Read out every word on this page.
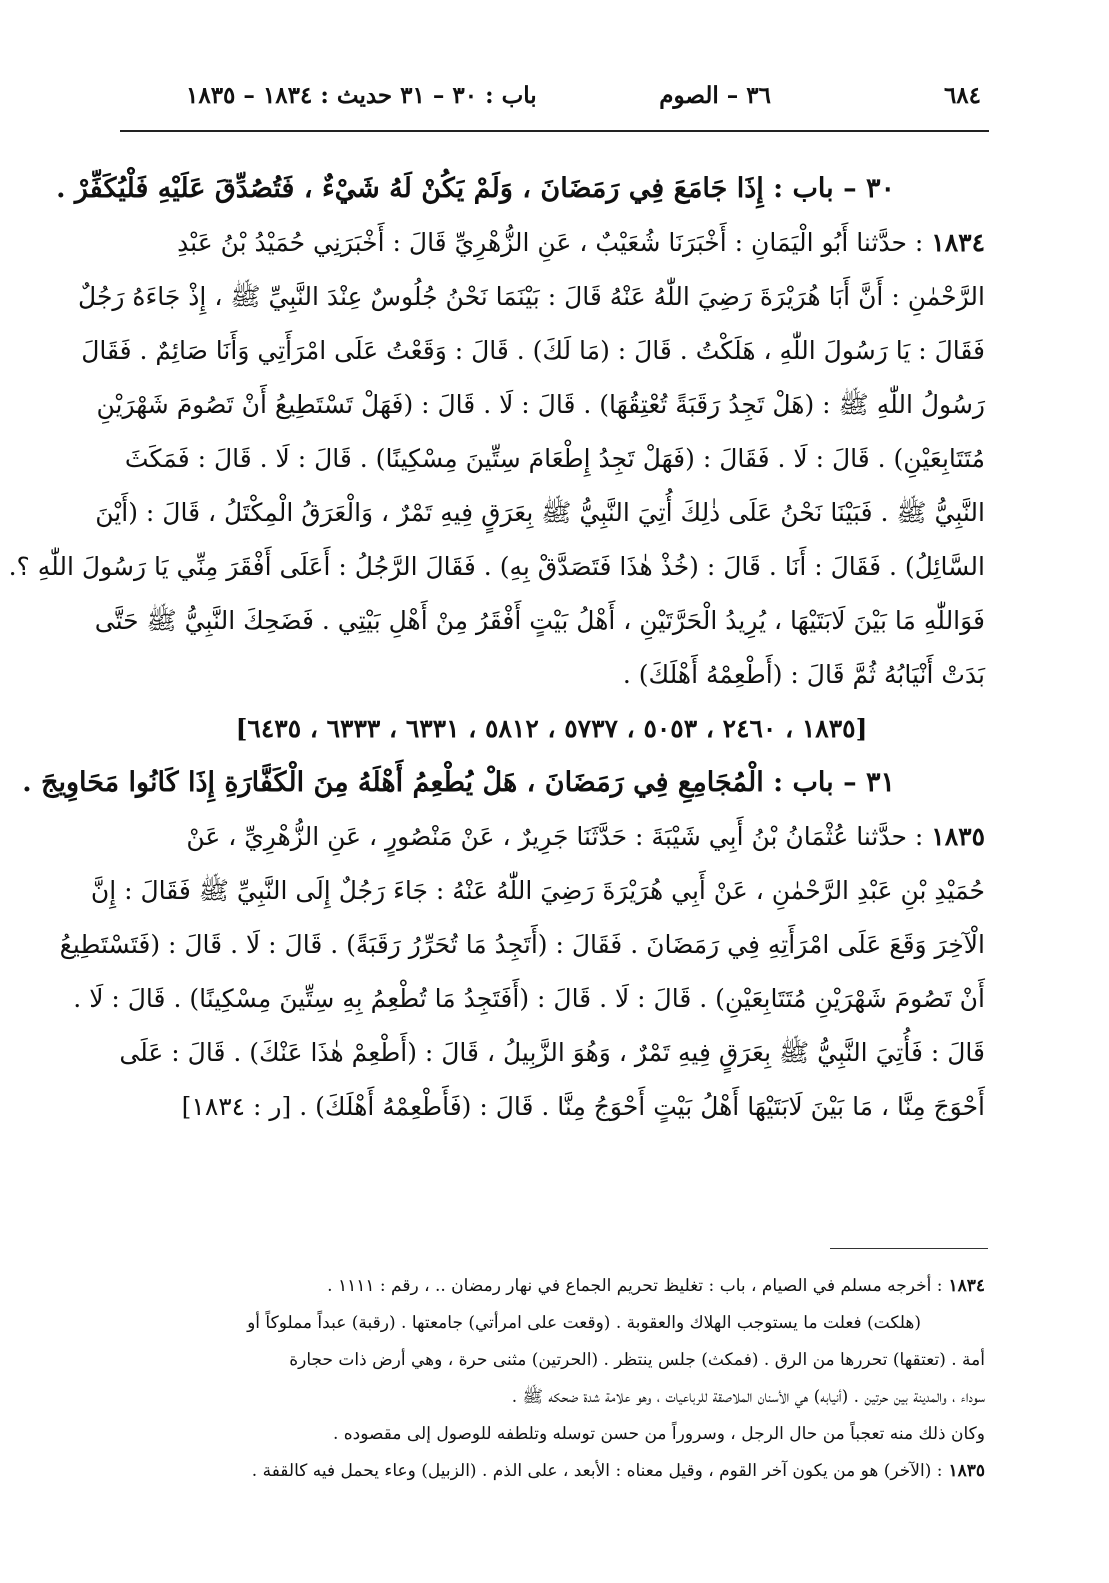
٦٨٤
٣٦ – الصوم
باب : ٣٠ – ٣١ حديث : ١٨٣٤ – ١٨٣٥
٣٠ – باب : إِذَا جَامَعَ فِي رَمَضَانَ ، وَلَمْ يَكُنْ لَهُ شَيْءٌ ، فَتُصُدِّقَ عَلَيْهِ فَلْيُكَفِّرْ .
١٨٣٤ : حدَّثنا أَبُو الْيَمَانِ : أَخْبَرَنَا شُعَيْبٌ ، عَنِ الزُّهْرِيِّ قَالَ : أَخْبَرَنِي حُمَيْدُ بْنُ عَبْدِ
الرَّحْمٰنِ : أَنَّ أَبَا هُرَيْرَةَ رَضِيَ اللّٰهُ عَنْهُ قَالَ : بَيْنَمَا نَحْنُ جُلُوسٌ عِنْدَ النَّبِيِّ ﷺ ، إِذْ جَاءَهُ رَجُلٌ
فَقَالَ : يَا رَسُولَ اللّٰهِ ، هَلَكْتُ . قَالَ : (مَا لَكَ) . قَالَ : وَقَعْتُ عَلَى امْرَأَتِي وَأَنَا صَائِمٌ . فَقَالَ
رَسُولُ اللّٰهِ ﷺ : (هَلْ تَجِدُ رَقَبَةً تُعْتِقُهَا) . قَالَ : لَا . قَالَ : (فَهَلْ تَسْتَطِيعُ أَنْ تَصُومَ شَهْرَيْنِ
مُتَتَابِعَيْنِ) . قَالَ : لَا . فَقَالَ : (فَهَلْ تَجِدُ إِطْعَامَ سِتِّينَ مِسْكِينًا) . قَالَ : لَا . قَالَ : فَمَكَثَ
النَّبِيُّ ﷺ . فَبَيْنَا نَحْنُ عَلَى ذٰلِكَ أُتِيَ النَّبِيُّ ﷺ بِعَرَقٍ فِيهِ تَمْرٌ ، وَالْعَرَقُ الْمِكْتَلُ ، قَالَ : (أَيْنَ
السَّائِلُ) . فَقَالَ : أَنَا . قَالَ : (خُذْ هٰذَا فَتَصَدَّقْ بِهِ) . فَقَالَ الرَّجُلُ : أَعَلَى أَفْقَرَ مِنِّي يَا رَسُولَ اللّٰهِ ؟.
فَوَاللّٰهِ مَا بَيْنَ لَابَتَيْهَا ، يُرِيدُ الْحَرَّتَيْنِ ، أَهْلُ بَيْتٍ أَفْقَرُ مِنْ أَهْلِ بَيْتِي . فَضَحِكَ النَّبِيُّ ﷺ حَتَّى
بَدَتْ أَنْيَابُهُ ثُمَّ قَالَ : (أَطْعِمْهُ أَهْلَكَ) .
[١٨٣٥ ، ٢٤٦٠ ، ٥٠٥٣ ، ٥٧٣٧ ، ٥٨١٢ ، ٦٣٣١ ، ٦٣٣٣ ، ٦٤٣٥]
٣١ – باب : الْمُجَامِعِ فِي رَمَضَانَ ، هَلْ يُطْعِمُ أَهْلَهُ مِنَ الْكَفَّارَةِ إِذَا كَانُوا مَحَاوِيجَ .
١٨٣٥ : حدَّثنا عُثْمَانُ بْنُ أَبِي شَيْبَةَ : حَدَّثَنَا جَرِيرٌ ، عَنْ مَنْصُورٍ ، عَنِ الزُّهْرِيِّ ، عَنْ
حُمَيْدِ بْنِ عَبْدِ الرَّحْمٰنِ ، عَنْ أَبِي هُرَيْرَةَ رَضِيَ اللّٰهُ عَنْهُ : جَاءَ رَجُلٌ إِلَى النَّبِيِّ ﷺ فَقَالَ : إِنَّ
الْآخِرَ وَقَعَ عَلَى امْرَأَتِهِ فِي رَمَضَانَ . فَقَالَ : (أَتَجِدُ مَا تُحَرِّرُ رَقَبَةً) . قَالَ : لَا . قَالَ : (فَتَسْتَطِيعُ
أَنْ تَصُومَ شَهْرَيْنِ مُتَتَابِعَيْنِ) . قَالَ : لَا . قَالَ : (أَفَتَجِدُ مَا تُطْعِمُ بِهِ سِتِّينَ مِسْكِينًا) . قَالَ : لَا .
قَالَ : فَأُتِيَ النَّبِيُّ ﷺ بِعَرَقٍ فِيهِ تَمْرٌ ، وَهُوَ الزَّبِيلُ ، قَالَ : (أَطْعِمْ هٰذَا عَنْكَ) . قَالَ : عَلَى
أَحْوَجَ مِنَّا ، مَا بَيْنَ لَابَتَيْهَا أَهْلُ بَيْتٍ أَحْوَجُ مِنَّا . قَالَ : (فَأَطْعِمْهُ أَهْلَكَ) . [ر : ١٨٣٤]
١٨٣٤: أخرجه مسلم في الصيام ، باب : تغليظ تحريم الجماع في نهار رمضان .. ، رقم : ١١١١ .
(هلكت) فعلت ما يستوجب الهلاك والعقوبة . (وقعت على امرأتي) جامعتها . (رقبة) عبداً مملوكاً أو
أمة . (تعتقها) تحررها من الرق . (فمكث) جلس ينتظر . (الحرتين) مثنى حرة ، وهي أرض ذات حجارة
سوداء ، والمدينة بين حرتين . (أنيابه) هي الأسنان الملاصقة للرباعيات ، وهو علامة شدة ضحكه ﷺ .
وكان ذلك منه تعجباً من حال الرجل ، وسروراً من حسن توسله وتلطفه للوصول إلى مقصوده .
١٨٣٥: (الآخر) هو من يكون آخر القوم ، وقيل معناه : الأبعد ، على الذم . (الزبيل) وعاء يحمل فيه كالقفة .
